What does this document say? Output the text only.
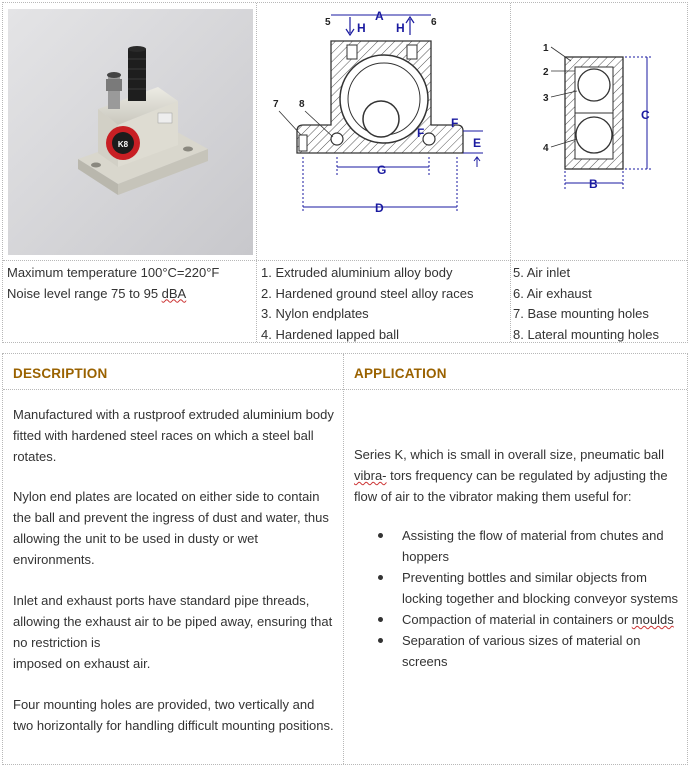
K8
Maximum temperature 100°C=220°F
Noise level range 75 to 95 dBA
H	H
A
5	6
7 8
F
F
E
G
D
1. Extruded aluminium alloy body
2. Hardened ground steel alloy races
3. Nylon endplates
4. Hardened lapped ball
1
2
3
4
C
B
5. Air inlet
6. Air exhaust
7. Base mounting holes
8. Lateral mounting holes
DESCRIPTION
Manufactured with a rustproof extruded aluminium body fitted with hardened steel races on which a steel ball rotates.
Nylon end plates are located on either side to contain the ball and prevent the ingress of dust and water, thus allowing the unit to be used in dusty or wet environments.
Inlet and exhaust ports have standard pipe threads, allowing the exhaust air to be piped away, ensuring that no restriction is
imposed on exhaust air.
Four mounting holes are provided, two vertically and two horizontally for handling difficult mounting positions.
APPLICATION
Series K, which is small in overall size, pneumatic ball vibra- tors frequency can be regulated by adjusting the flow of air to the vibrator making them useful for:
Assisting the flow of material from chutes and hoppers
Preventing bottles and similar objects from locking together and blocking conveyor systems
Compaction of material in containers or moulds
Separation of various sizes of material on screens
